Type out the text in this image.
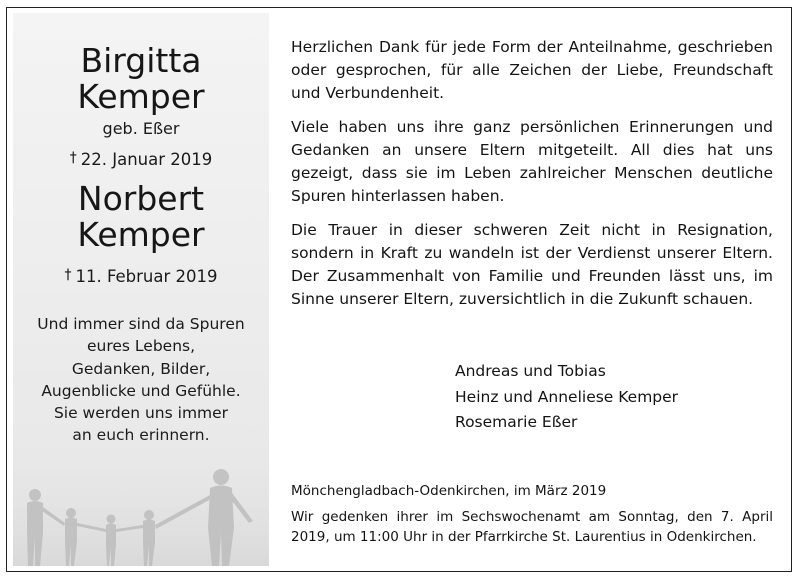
Birgitta
Kemper
geb. Eßer
† 22. Januar 2019
Norbert
Kemper
† 11. Februar 2019
Und immer sind da Spuren
eures Lebens,
Gedanken, Bilder,
Augenblicke und Gefühle.
Sie werden uns immer

Herzlichen Dank für jede Form der Anteilnahme, geschrieben oder gesprochen, für alle Zeichen der Liebe, Freundschaft und Verbundenheit.

Viele haben uns ihre ganz persönlichen Erinnerungen und Gedanken an unsere Eltern mitgeteilt. All dies hat uns gezeigt, dass sie im Leben zahlreicher Menschen deutliche Spuren hinterlassen haben.

Die Trauer in dieser schweren Zeit nicht in Resignation, sondern in Kraft zu wandeln ist der Verdienst unserer Eltern. Der Zusammenhalt von Familie und Freunden lässt uns, im Sinne unserer Eltern, zuversichtlich in die Zukunft schauen.

Andreas und Tobias
Heinz und Anneliese Kemper
Rosemarie Eßer
Mönchengladbach-Odenkirchen, im März 2019
Wir gedenken ihrer im Sechswochenamt am Sonntag, den 7. April 2019, um 11:00 Uhr in der Pfarrkirche St. Laurentius in Odenkirchen.
